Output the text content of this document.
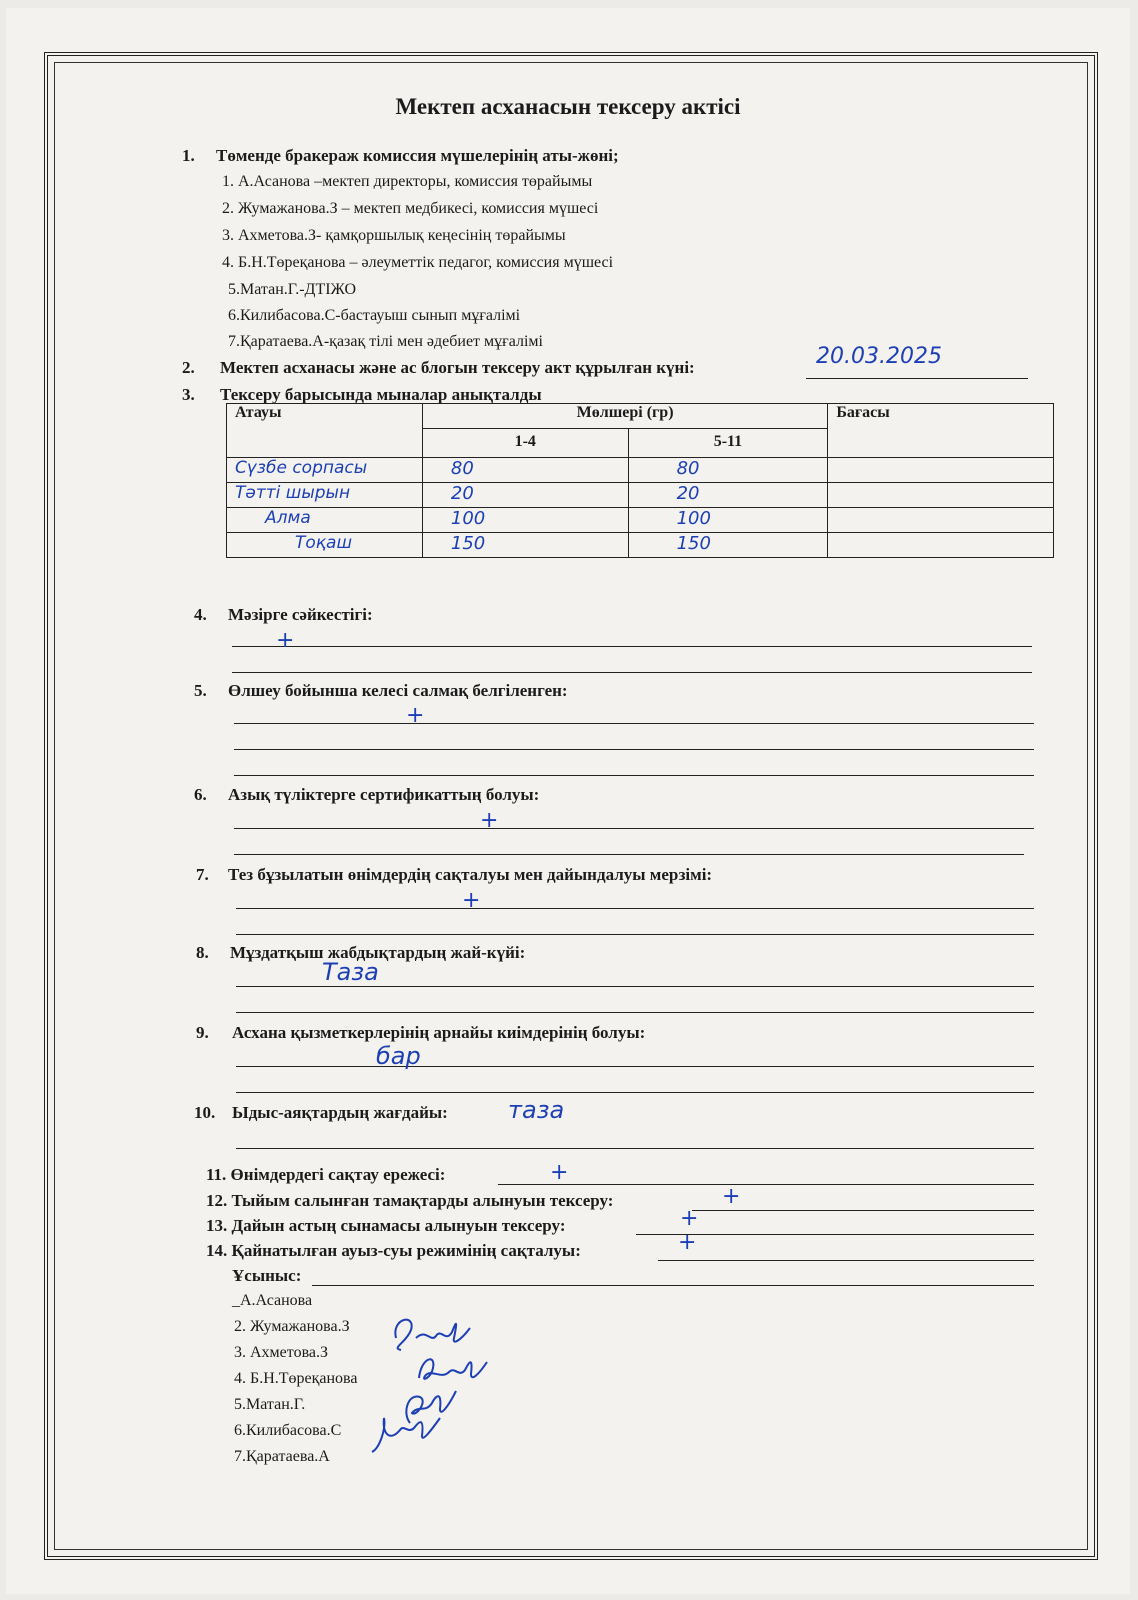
Мектеп асханасын тексеру актісі
1. Төменде бракераж комиссия мүшелерінің аты-жөні;
1. А.Асанова –мектеп директоры, комиссия төрайымы
2. Жумажанова.З – мектеп медбикесі, комиссия мүшесі
3. Ахметова.З- қамқоршылық кеңесінің төрайымы
4. Б.Н.Төреқанова – әлеуметтік педагог, комиссия мүшесі
5.Матан.Г.-ДТІЖО
6.Килибасова.С-бастауыш сынып мұғалімі
7.Қаратаева.А-қазақ тілі мен әдебиет мұғалімі
2. Мектеп асханасы және ас блогын тексеру акт құрылған күні:	20.03.2025
3. Тексеру барысында мыналар анықталды
Атауы	Мөлшері (гр)		Бағасы
	1-4	5-11	
Сүзбе сорпасы	80	80	
Тәтті шырын	20	20	
Алма	100	100	
Тоқаш	150	150	
4. Мәзірге сәйкестігі:
+
5. Өлшеу бойынша келесі салмақ белгіленген:
+
6. Азық түліктерге сертификаттың болуы:
+
7. Тез бұзылатын өнімдердің сақталуы мен дайындалуы мерзімі:
+
8. Мұздатқыш жабдықтардың жай-күйі:
Таза
9. Асхана қызметкерлерінің арнайы киімдерінің болуы:
бар
10. Ыдыс-аяқтардың жағдайы:	таза
11. Өнімдердегі сақтау ережесі:	+
12. Тыйым салынған тамақтарды алынуын тексеру:	+
13. Дайын астың сынамасы алынуын тексеру:	+
14. Қайнатылған ауыз-суы режимінің сақталуы:	+
Ұсыныс:
_А.Асанова
2. Жумажанова.З
3. Ахметова.З
4. Б.Н.Төреқанова
5.Матан.Г.
6.Килибасова.С
7.Қаратаева.А
